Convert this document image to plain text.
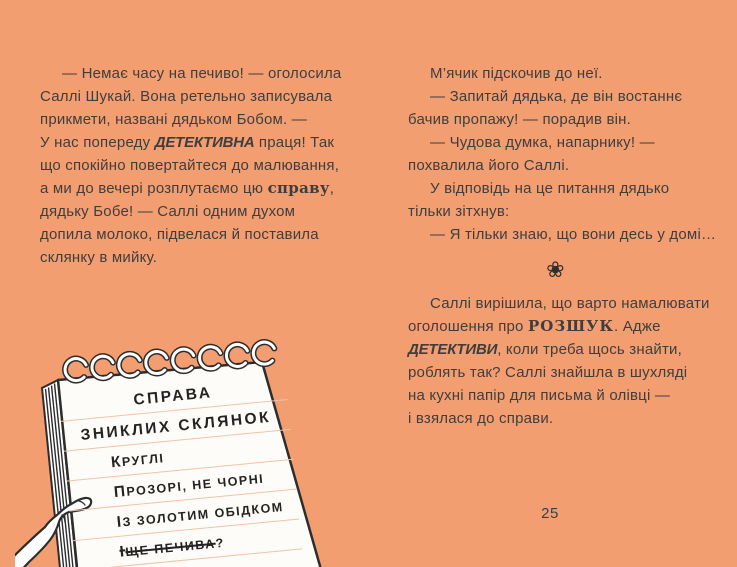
— Немає часу на печиво! — оголосила
Саллі Шукай. Вона ретельно записувала
прикмети, названі дядьком Бобом. —
У нас попереду ДЕТЕКТИВНА праця! Так
що спокійно повертайтеся до малювання,
а ми до вечері розплутаємо цю справу,
дядьку Бобе! — Саллі одним духом
допила молоко, підвелася й поставила
склянку в мийку.
М’ячик підскочив до неї.
— Запитай дядька, де він востаннє
бачив пропажу! — порадив він.
— Чудова думка, напарнику! —
похвалила його Саллі.
У відповідь на це питання дядько
тільки зітхнув:
— Я тільки знаю, що вони десь у домі…
❀
Саллі вирішила, що варто намалювати
оголошення про РОЗШУК. Адже
ДЕТЕКТИВИ, коли треба щось знайти,
роблять так? Саллі знайшла в шухляді
на кухні папір для письма й олівці —
і взялася до справи.
25
СПРАВА
ЗНИКЛИХ СКЛЯНОК
КРУГЛІ
ПРОЗОРІ, НЕ ЧОРНІ
ІЗ ЗОЛОТИМ ОБІДКОМ
ІЩЕ ПЕЧИВА?
